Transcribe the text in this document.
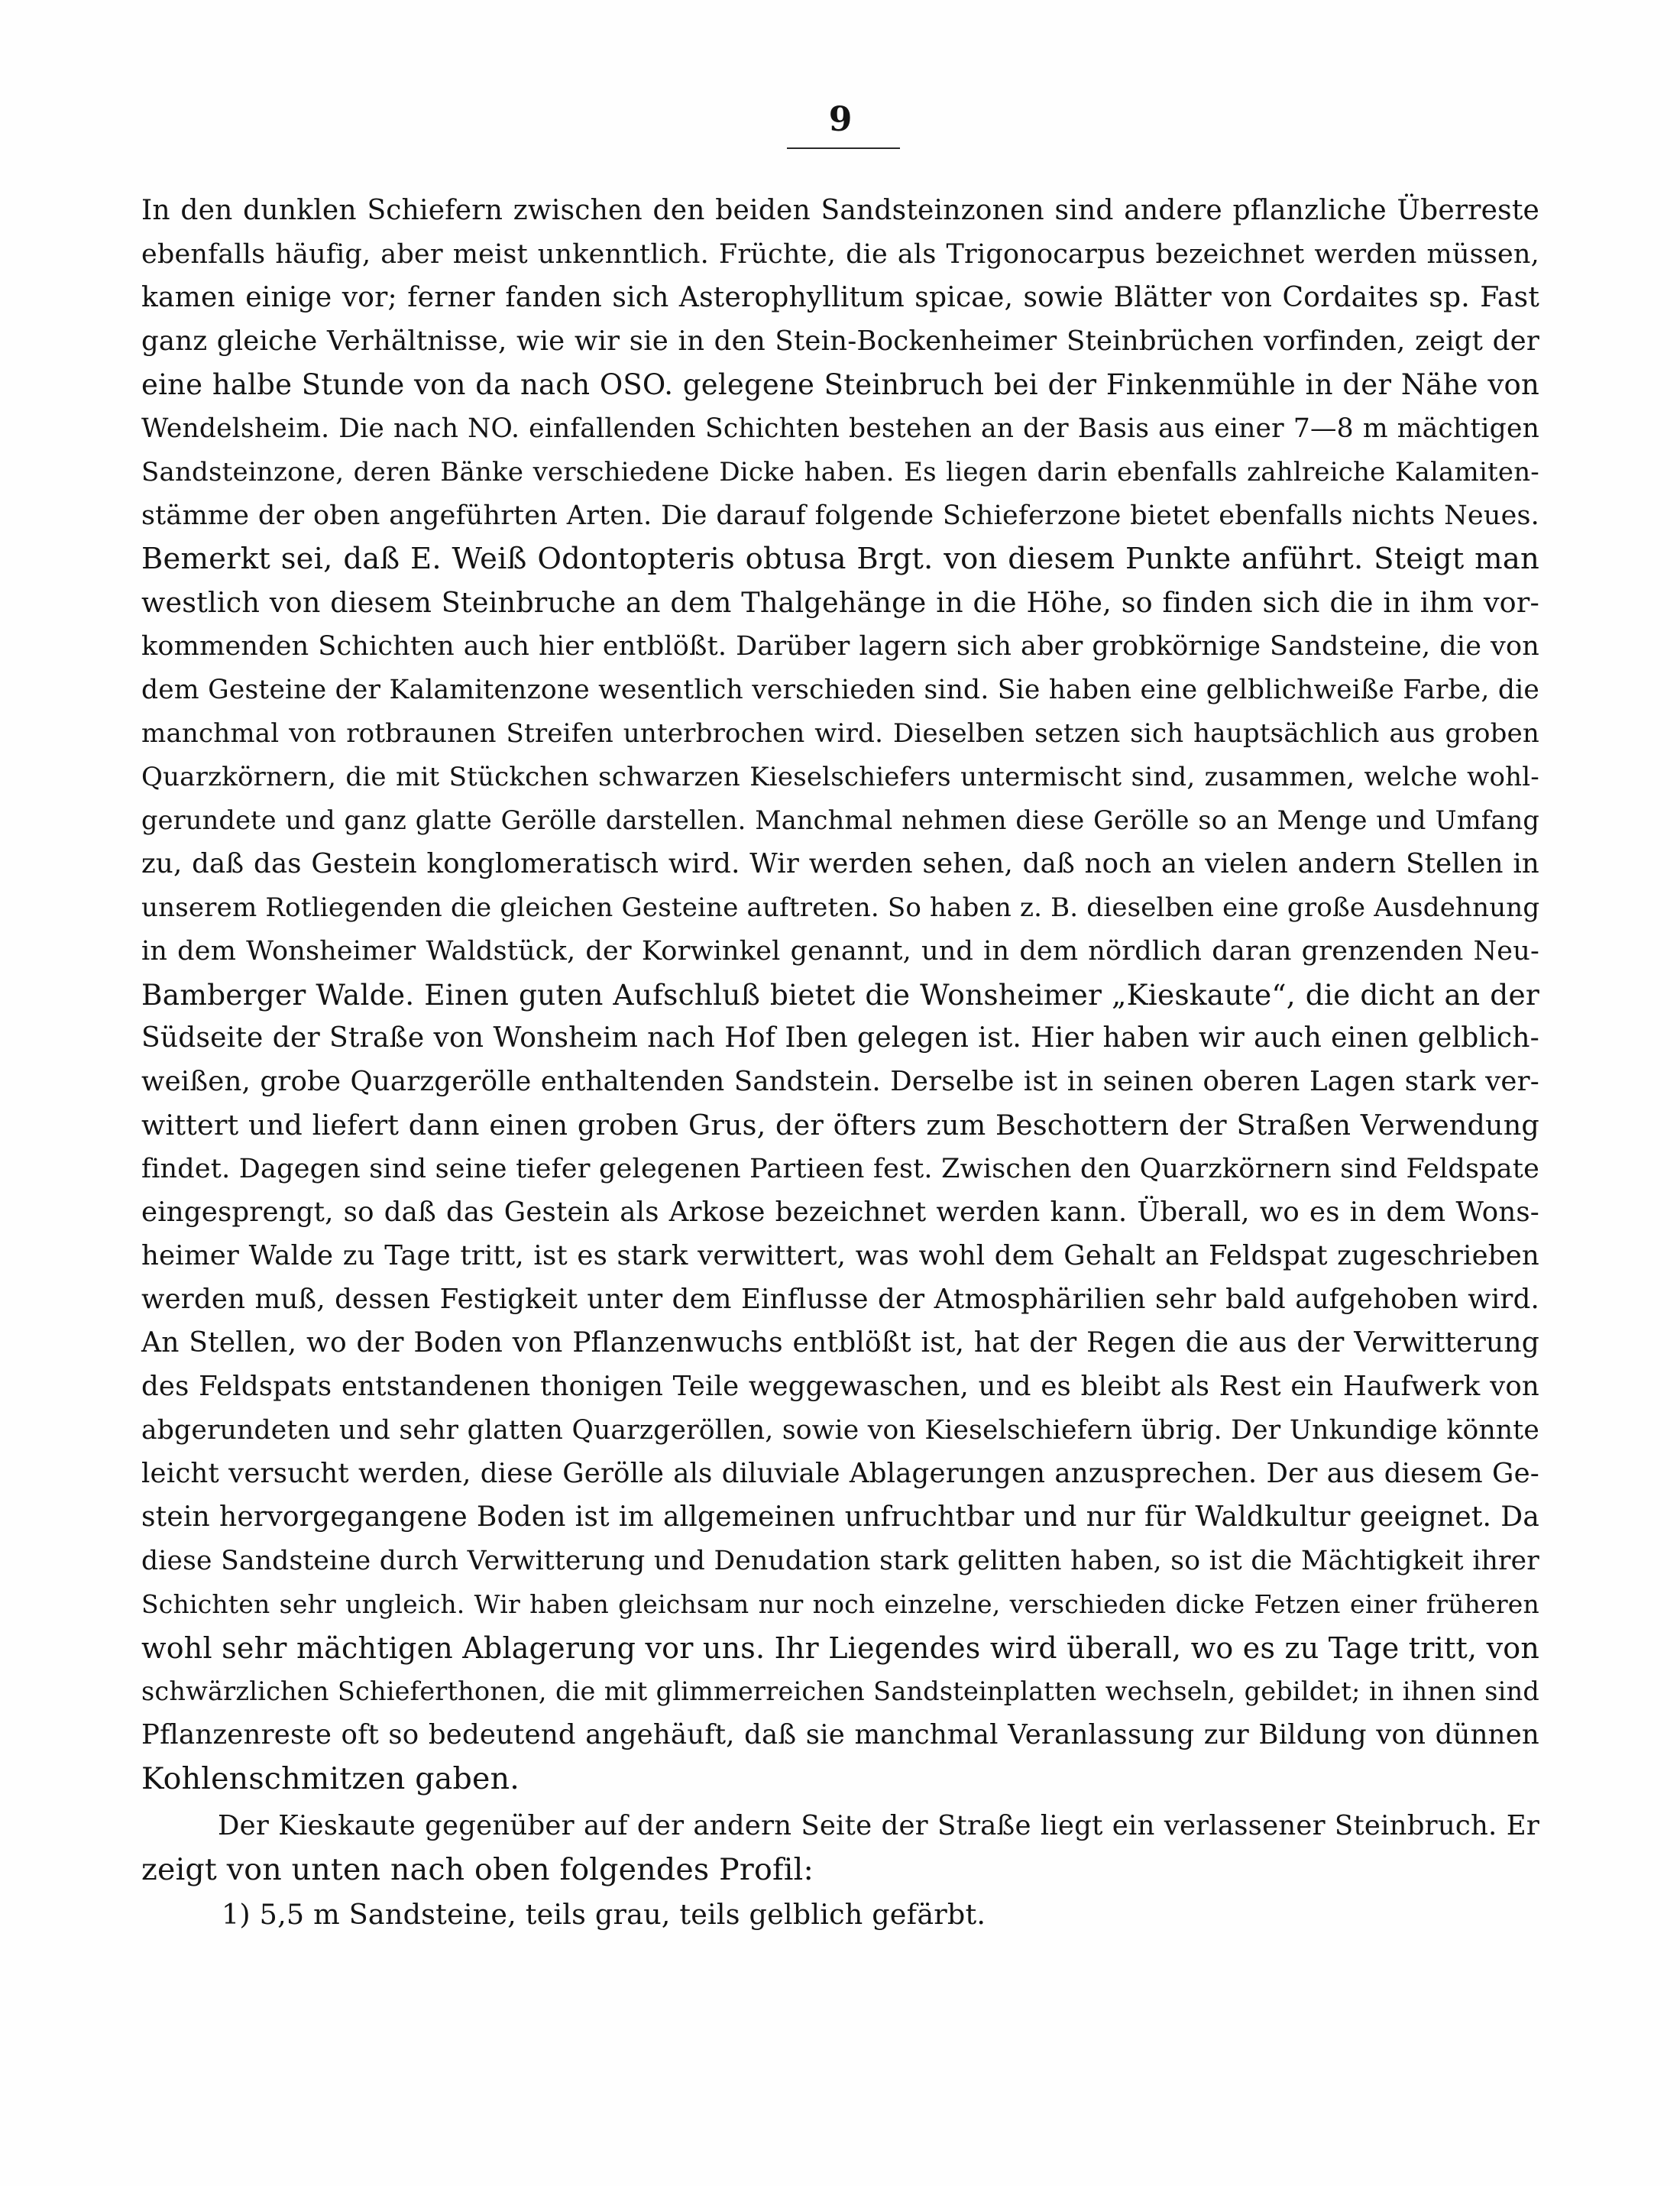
9
In den dunklen Schiefern zwischen den beiden Sandsteinzonen sind andere pflanzliche Überreste
ebenfalls häufig, aber meist unkenntlich. Früchte, die als Trigonocarpus bezeichnet werden müssen,
kamen einige vor; ferner fanden sich Asterophyllitum spicae, sowie Blätter von Cordaites sp. Fast
ganz gleiche Verhältnisse, wie wir sie in den Stein-Bockenheimer Steinbrüchen vorfinden, zeigt der
eine halbe Stunde von da nach OSO. gelegene Steinbruch bei der Finkenmühle in der Nähe von
Wendelsheim. Die nach NO. einfallenden Schichten bestehen an der Basis aus einer 7—8 m mächtigen
Sandsteinzone, deren Bänke verschiedene Dicke haben. Es liegen darin ebenfalls zahlreiche Kalamiten-
stämme der oben angeführten Arten. Die darauf folgende Schieferzone bietet ebenfalls nichts Neues.
Bemerkt sei, daß E. Weiß Odontopteris obtusa Brgt. von diesem Punkte anführt. Steigt man
westlich von diesem Steinbruche an dem Thalgehänge in die Höhe, so finden sich die in ihm vor-
kommenden Schichten auch hier entblößt. Darüber lagern sich aber grobkörnige Sandsteine, die von
dem Gesteine der Kalamitenzone wesentlich verschieden sind. Sie haben eine gelblichweiße Farbe, die
manchmal von rotbraunen Streifen unterbrochen wird. Dieselben setzen sich hauptsächlich aus groben
Quarzkörnern, die mit Stückchen schwarzen Kieselschiefers untermischt sind, zusammen, welche wohl-
gerundete und ganz glatte Gerölle darstellen. Manchmal nehmen diese Gerölle so an Menge und Umfang
zu, daß das Gestein konglomeratisch wird. Wir werden sehen, daß noch an vielen andern Stellen in
unserem Rotliegenden die gleichen Gesteine auftreten. So haben z. B. dieselben eine große Ausdehnung
in dem Wonsheimer Waldstück, der Korwinkel genannt, und in dem nördlich daran grenzenden Neu-
Bamberger Walde. Einen guten Aufschluß bietet die Wonsheimer „Kieskaute“, die dicht an der
Südseite der Straße von Wonsheim nach Hof Iben gelegen ist. Hier haben wir auch einen gelblich-
weißen, grobe Quarzgerölle enthaltenden Sandstein. Derselbe ist in seinen oberen Lagen stark ver-
wittert und liefert dann einen groben Grus, der öfters zum Beschottern der Straßen Verwendung
findet. Dagegen sind seine tiefer gelegenen Partieen fest. Zwischen den Quarzkörnern sind Feldspate
eingesprengt, so daß das Gestein als Arkose bezeichnet werden kann. Überall, wo es in dem Wons-
heimer Walde zu Tage tritt, ist es stark verwittert, was wohl dem Gehalt an Feldspat zugeschrieben
werden muß, dessen Festigkeit unter dem Einflusse der Atmosphärilien sehr bald aufgehoben wird.
An Stellen, wo der Boden von Pflanzenwuchs entblößt ist, hat der Regen die aus der Verwitterung
des Feldspats entstandenen thonigen Teile weggewaschen, und es bleibt als Rest ein Haufwerk von
abgerundeten und sehr glatten Quarzgeröllen, sowie von Kieselschiefern übrig. Der Unkundige könnte
leicht versucht werden, diese Gerölle als diluviale Ablagerungen anzusprechen. Der aus diesem Ge-
stein hervorgegangene Boden ist im allgemeinen unfruchtbar und nur für Waldkultur geeignet. Da
diese Sandsteine durch Verwitterung und Denudation stark gelitten haben, so ist die Mächtigkeit ihrer
Schichten sehr ungleich. Wir haben gleichsam nur noch einzelne, verschieden dicke Fetzen einer früheren
wohl sehr mächtigen Ablagerung vor uns. Ihr Liegendes wird überall, wo es zu Tage tritt, von
schwärzlichen Schieferthonen, die mit glimmerreichen Sandsteinplatten wechseln, gebildet; in ihnen sind
Pflanzenreste oft so bedeutend angehäuft, daß sie manchmal Veranlassung zur Bildung von dünnen
Kohlenschmitzen gaben.
Der Kieskaute gegenüber auf der andern Seite der Straße liegt ein verlassener Steinbruch. Er
zeigt von unten nach oben folgendes Profil:
1) 5,5 m Sandsteine, teils grau, teils gelblich gefärbt.
